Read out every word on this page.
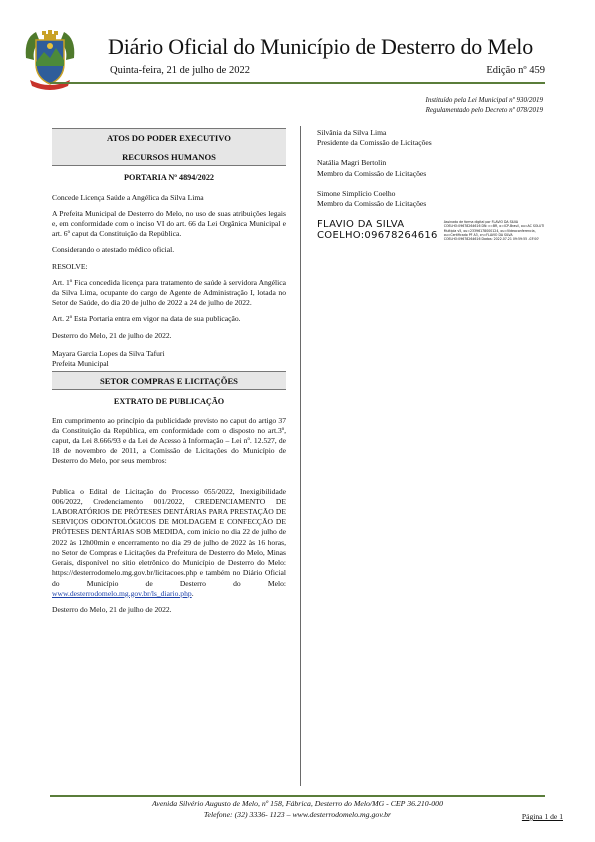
Diário Oficial do Município de Desterro do Melo
Quinta-feira, 21 de julho de 2022	Edição nº 459
Instituído pela Lei Municipal nº 930/2019
Regulamentado pelo Decreto nº 078/2019
ATOS DO PODER EXECUTIVO
RECURSOS HUMANOS
PORTARIA Nº 4894/2022
Concede Licença Saúde a Angélica da Silva Lima
A Prefeita Municipal de Desterro do Melo, no uso de suas atribuições legais e, em conformidade com o inciso VI do art. 66 da Lei Orgânica Municipal e art. 6º caput da Constituição da República.
Considerando o atestado médico oficial.
RESOLVE:
Art. 1º Fica concedida licença para tratamento de saúde à servidora Angélica da Silva Lima, ocupante do cargo de Agente de Administração I, lotada no Setor de Saúde, do dia 20 de julho de 2022 a 24 de julho de 2022.
Art. 2º Esta Portaria entra em vigor na data de sua publicação.
Desterro do Melo, 21 de julho de 2022.
Mayara Garcia Lopes da Silva Tafuri
Prefeita Municipal
SETOR COMPRAS E LICITAÇÕES
EXTRATO DE PUBLICAÇÃO
Em cumprimento ao princípio da publicidade previsto no caput do artigo 37 da Constituição da República, em conformidade com o disposto no art.3º, caput, da Lei 8.666/93 e da Lei de Acesso à Informação – Lei nº. 12.527, de 18 de novembro de 2011, a Comissão de Licitações do Município de Desterro do Melo, por seus membros:
Publica o Edital de Licitação do Processo 055/2022, Inexigibilidade 006/2022, Credenciamento 001/2022, CREDENCIAMENTO DE LABORATÓRIOS DE PRÓTESES DENTÁRIAS PARA PRESTAÇÃO DE SERVIÇOS ODONTOLÓGICOS DE MOLDAGEM E CONFECÇÃO DE PRÓTESES DENTÁRIAS SOB MEDIDA, com início no dia 22 de julho de 2022 às 12h00min e encerramento no dia 29 de julho de 2022 às 16 horas, no Setor de Compras e Licitações da Prefeitura de Desterro do Melo, Minas Gerais, disponível no sítio eletrônico do Município de Desterro do Melo: https://desterrodomelo.mg.gov.br/licitacoes.php e também no Diário Oficial do Município de Desterro do Melo: www.desterrodomelo.mg.gov.br/ls_diario.php.
Desterro do Melo, 21 de julho de 2022.
Silvânia da Silva Lima
Presidente da Comissão de Licitações
Natália Magri Bertolin
Membro da Comissão de Licitações
Simone Simplício Coelho
Membro da Comissão de Licitações
FLAVIO DA SILVA
COELHO:09678264616
Assinado de forma digital por FLAVIO DA SILVA COELHO:09678264616 DN: c=BR, o=ICP-Brasil, ou=AC SOLUTI Multipla v5, ou=23396178000124, ou=Videoconferencia, ou=Certificado PF A3, cn=FLAVIO DA SILVA COELHO:09678264616 Dados: 2022.07.21 09:59:55 -03'00'
Avenida Silvério Augusto de Melo, nº 158, Fábrica, Desterro do Melo/MG - CEP 36.210-000
Telefone: (32) 3336- 1123 – www.desterrodomelo.mg.gov.br	Página 1 de 1
